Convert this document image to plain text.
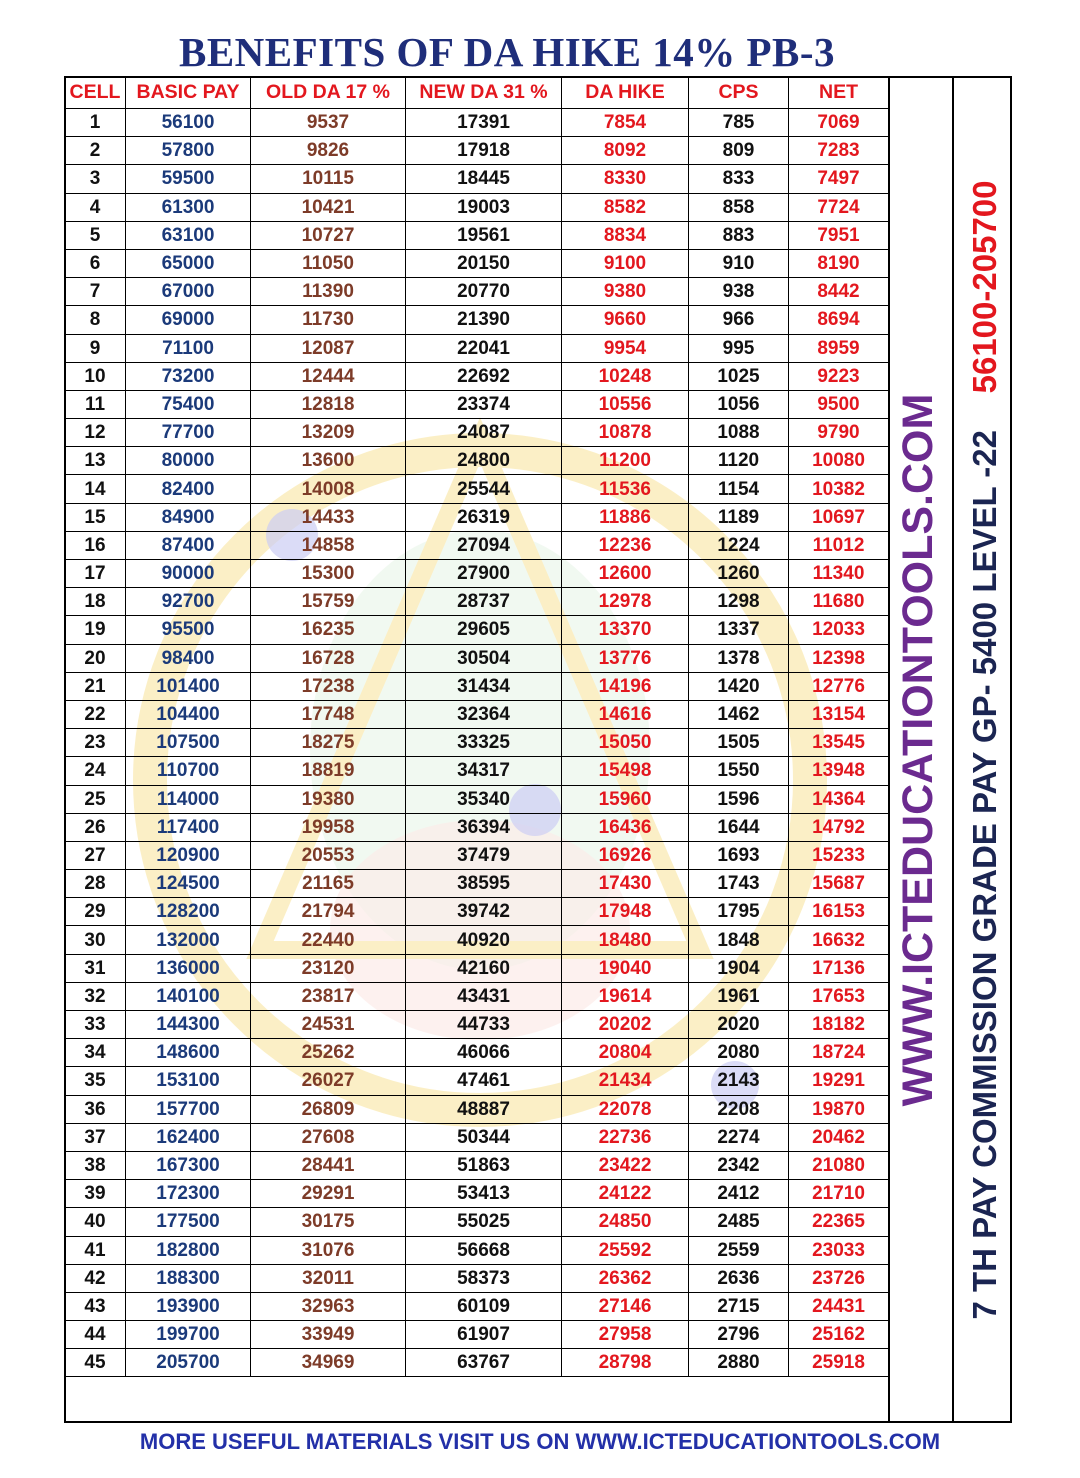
BENEFITS OF DA HIKE 14% PB-3
CELL	BASIC PAY	OLD DA 17 %	NEW DA 31 %	DA HIKE	CPS	NET
1	56100	9537	17391	7854	785	7069
2	57800	9826	17918	8092	809	7283
3	59500	10115	18445	8330	833	7497
4	61300	10421	19003	8582	858	7724
5	63100	10727	19561	8834	883	7951
6	65000	11050	20150	9100	910	8190
7	67000	11390	20770	9380	938	8442
8	69000	11730	21390	9660	966	8694
9	71100	12087	22041	9954	995	8959
10	73200	12444	22692	10248	1025	9223
11	75400	12818	23374	10556	1056	9500
12	77700	13209	24087	10878	1088	9790
13	80000	13600	24800	11200	1120	10080
14	82400	14008	25544	11536	1154	10382
15	84900	14433	26319	11886	1189	10697
16	87400	14858	27094	12236	1224	11012
17	90000	15300	27900	12600	1260	11340
18	92700	15759	28737	12978	1298	11680
19	95500	16235	29605	13370	1337	12033
20	98400	16728	30504	13776	1378	12398
21	101400	17238	31434	14196	1420	12776
22	104400	17748	32364	14616	1462	13154
23	107500	18275	33325	15050	1505	13545
24	110700	18819	34317	15498	1550	13948
25	114000	19380	35340	15960	1596	14364
26	117400	19958	36394	16436	1644	14792
27	120900	20553	37479	16926	1693	15233
28	124500	21165	38595	17430	1743	15687
29	128200	21794	39742	17948	1795	16153
30	132000	22440	40920	18480	1848	16632
31	136000	23120	42160	19040	1904	17136
32	140100	23817	43431	19614	1961	17653
33	144300	24531	44733	20202	2020	18182
34	148600	25262	46066	20804	2080	18724
35	153100	26027	47461	21434	2143	19291
36	157700	26809	48887	22078	2208	19870
37	162400	27608	50344	22736	2274	20462
38	167300	28441	51863	23422	2342	21080
39	172300	29291	53413	24122	2412	21710
40	177500	30175	55025	24850	2485	22365
41	182800	31076	56668	25592	2559	23033
42	188300	32011	58373	26362	2636	23726
43	193900	32963	60109	27146	2715	24431
44	199700	33949	61907	27958	2796	25162
45	205700	34969	63767	28798	2880	25918
WWW.ICTEDUCATIONTOOLS.COM 7 TH PAY COMMISSION GRADE PAY GP- 5400 LEVEL -22    56100-205700
MORE USEFUL MATERIALS VISIT US ON WWW.ICTEDUCATIONTOOLS.COM
